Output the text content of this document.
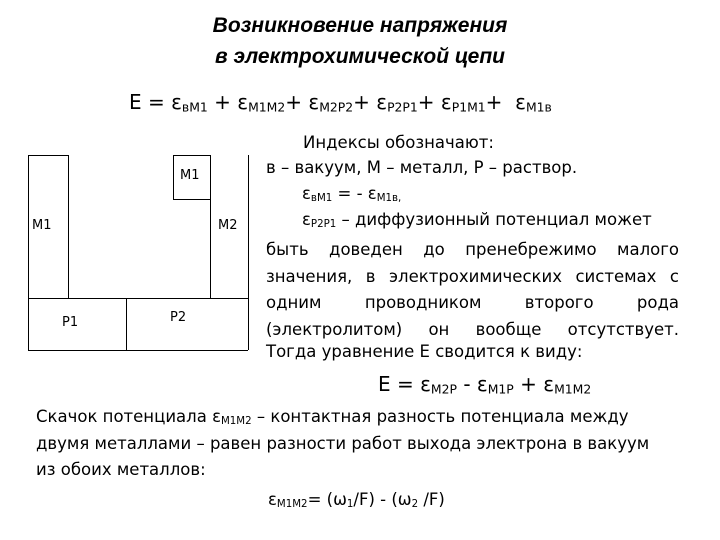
Возникновение напряжения
в электрохимической цепи
$E = \varepsilon_{вМ1} + \varepsilon_{М1М2}+ \varepsilon_{М2Р2}+ \varepsilon_{Р2Р1}+ \varepsilon_{Р1М1}+ \varepsilon_{М1в}$
М1
М1	М2
Р1	Р2
Индексы обозначают:
в – вакуум, М – металл, Р – раствор.
$\varepsilon_{вМ1}$ = - $\varepsilon_{М1в,}$
$\varepsilon_{Р2Р1}$ – диффузионный потенциал может
быть доведен до пренебрежимо малого
значения, в электрохимических системах с
одним проводником второго рода
(электролитом) он вообще отсутствует.
Тогда уравнение E сводится к виду:
$E = \varepsilon_{М2Р} - \varepsilon_{М1Р} + \varepsilon_{М1М2}$
Скачок потенциала $\varepsilon_{М1М2}$ – контактная разность потенциала между
двумя металлами – равен разности работ выхода электрона в вакуум
из обоих металлов:
$\varepsilon_{М1М2}= (\omega_1/F) - (\omega_2$ /F)
